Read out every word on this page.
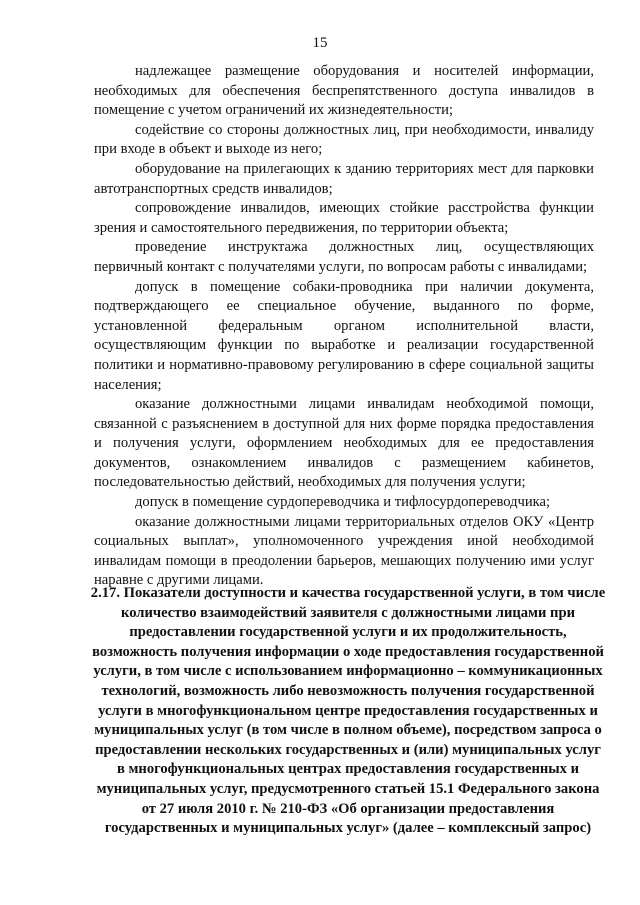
15

надлежащее размещение оборудования и носителей информации, необходимых для обеспечения беспрепятственного доступа инвалидов в помещение с учетом ограничений их жизнедеятельности;

содействие со стороны должностных лиц, при необходимости, инвалиду при входе в объект и выходе из него;

оборудование на прилегающих к зданию территориях мест для парковки автотранспортных средств инвалидов;

сопровождение инвалидов, имеющих стойкие расстройства функции зрения и самостоятельного передвижения, по территории объекта;

проведение инструктажа должностных лиц, осуществляющих первичный контакт с получателями услуги, по вопросам работы с инвалидами;

допуск в помещение собаки-проводника при наличии документа, подтверждающего ее специальное обучение, выданного по форме, установленной федеральным органом исполнительной власти, осуществляющим функции по выработке и реализации государственной политики и нормативно-правовому регулированию в сфере социальной защиты населения;

оказание должностными лицами инвалидам необходимой помощи, связанной с разъяснением в доступной для них форме порядка предоставления и получения услуги, оформлением необходимых для ее предоставления документов, ознакомлением инвалидов с размещением кабинетов, последовательностью действий, необходимых для получения услуги;

допуск в помещение сурдопереводчика и тифлосурдопереводчика;

оказание должностными лицами территориальных отделов ОКУ «Центр социальных выплат», уполномоченного учреждения иной необходимой инвалидам помощи в преодолении барьеров, мешающих получению ими услуг наравне с другими лицами.

2.17. Показатели доступности и качества государственной услуги, в том числе количество взаимодействий заявителя с должностными лицами при предоставлении государственной услуги и их продолжительность, возможность получения информации о ходе предоставления государственной услуги, в том числе с использованием информационно – коммуникационных технологий, возможность либо невозможность получения государственной услуги в многофункциональном центре предоставления государственных и муниципальных услуг (в том числе в полном объеме), посредством запроса о предоставлении нескольких государственных и (или) муниципальных услуг в многофункциональных центрах предоставления государственных и муниципальных услуг, предусмотренного статьей 15.1 Федерального закона от 27 июля 2010 г. № 210-ФЗ «Об организации предоставления государственных и муниципальных услуг» (далее – комплексный запрос)
